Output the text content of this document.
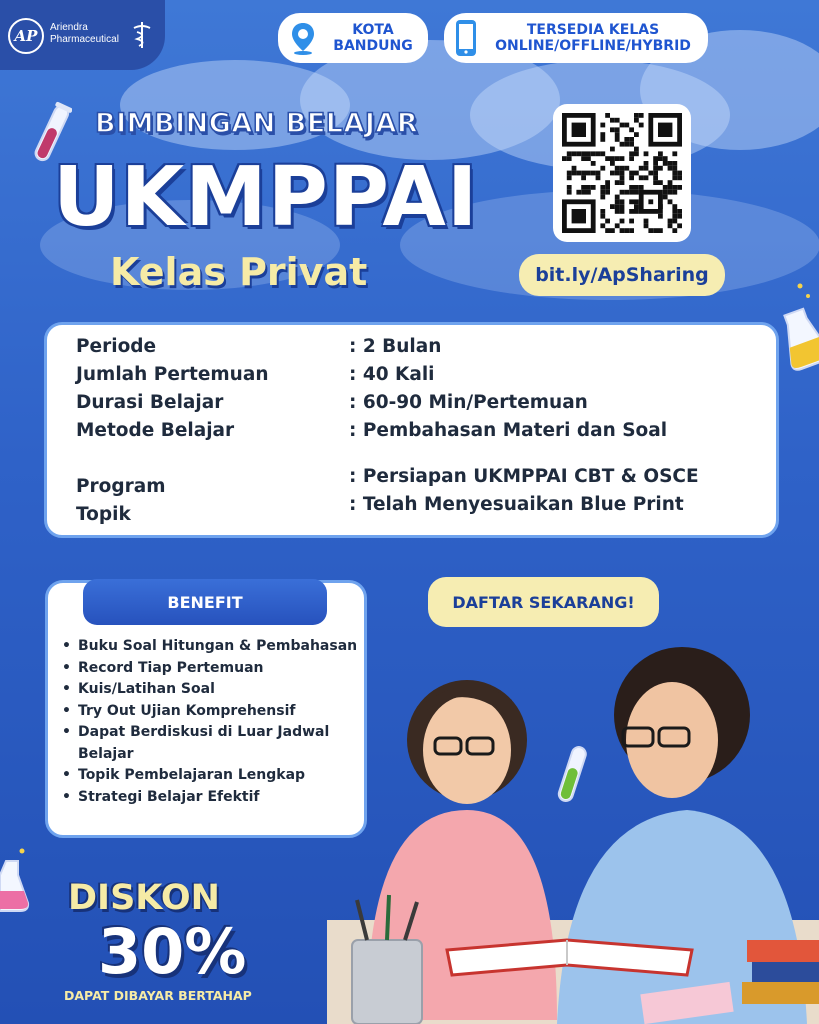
AP	Ariendra
Pharmaceutical
KOTA
BANDUNG
TERSEDIA KELAS
ONLINE/OFFLINE/HYBRID
BIMBINGAN BELAJAR
UKMPPAI
Kelas Privat	bit.ly/ApSharing
Periode	: 2 Bulan
Jumlah Pertemuan	: 40 Kali
Durasi Belajar	: 60-90 Min/Pertemuan
Metode Belajar	: Pembahasan Materi dan Soal
Program	: Persiapan UKMPPAI CBT & OSCE
Topik	: Telah Menyesuaikan Blue Print
BENEFIT
• Buku Soal Hitungan & Pembahasan
• Record Tiap Pertemuan
• Kuis/Latihan Soal
• Try Out Ujian Komprehensif
• Dapat Berdiskusi di Luar Jadwal Belajar
• Topik Pembelajaran Lengkap
• Strategi Belajar Efektif
DAFTAR SEKARANG!
DISKON
30%
DAPAT DIBAYAR BERTAHAP
